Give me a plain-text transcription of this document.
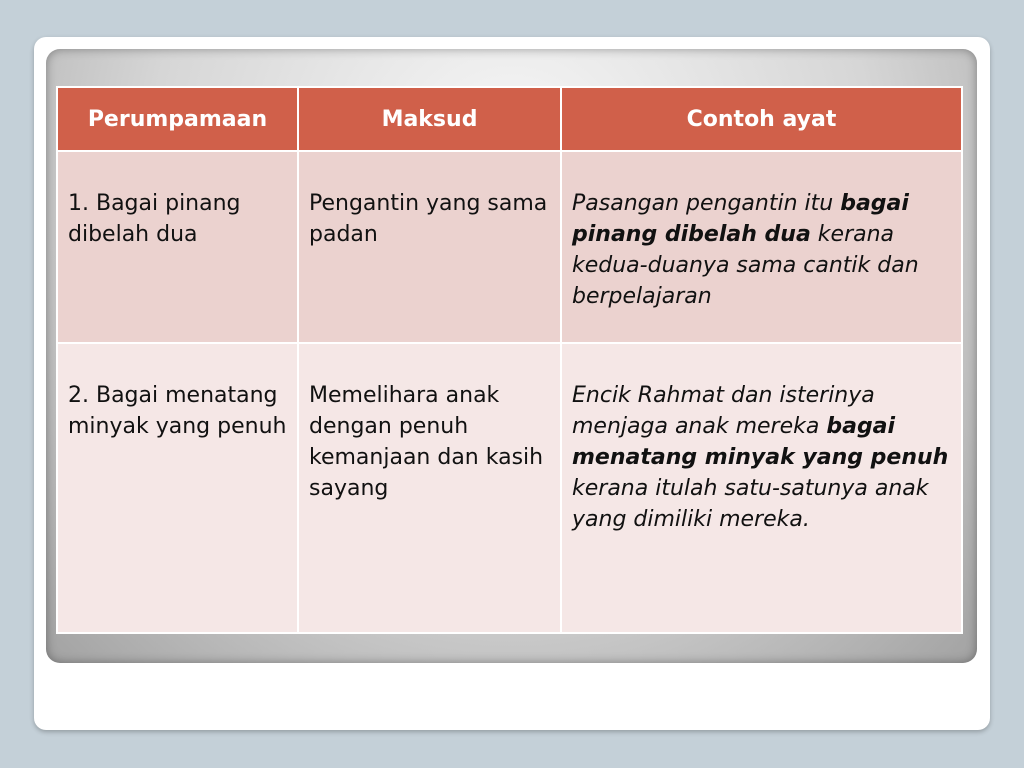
Perumpamaan	Maksud	Contoh ayat
1. Bagai pinang dibelah dua	Pengantin yang sama padan	Pasangan pengantin itu bagai pinang dibelah dua kerana kedua-duanya sama cantik dan berpelajaran
2. Bagai menatang minyak yang penuh	Memelihara anak dengan penuh kemanjaan dan kasih sayang	Encik Rahmat dan isterinya menjaga anak mereka bagai menatang minyak yang penuh kerana itulah satu-satunya anak yang dimiliki mereka.
